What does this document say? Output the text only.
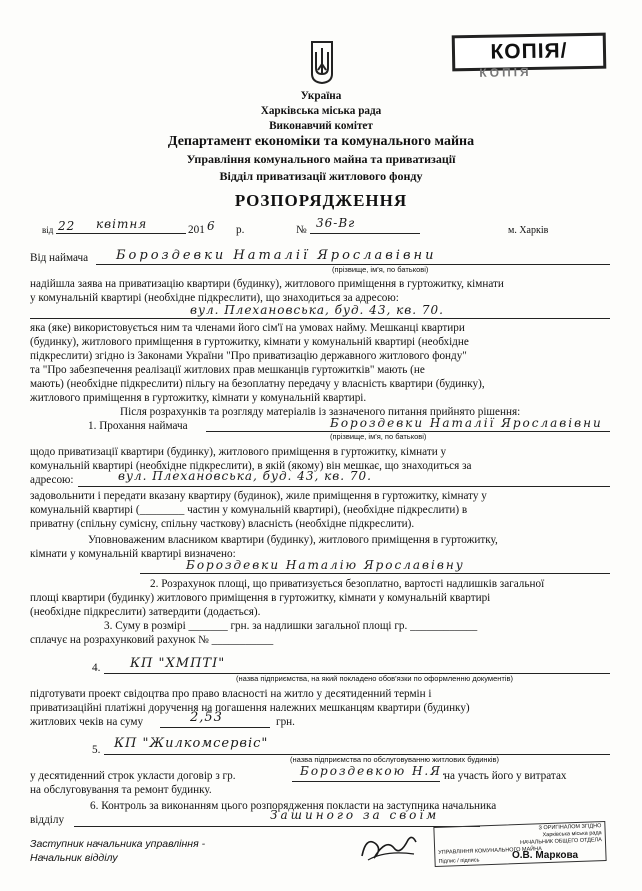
КОПІЯ/
КОПІЯ
Україна
Харківська міська рада
Виконавчий комітет
Департамент економіки та комунального майна
Управління комунального майна та приватизації
Відділ приватизації житлового фонду
РОЗПОРЯДЖЕННЯ
від 22 квітня	201 6 р.	№ 36-Вг
м. Харків
Від наймача Бороздевки Наталії Ярославівни
(прізвище, ім'я, по батькові)
надійшла заява на приватизацію квартири (будинку), житлового приміщення в гуртожитку, кімнати
у комунальній квартирі (необхідне підкреслити), що знаходиться за адресою:
вул. Плехановська, буд. 43, кв. 70.
яка (яке) використовується ним та членами його сім'ї на умовах найму. Мешканці квартири
(будинку), житлового приміщення в гуртожитку, кімнати у комунальній квартирі (необхідне
підкреслити) згідно із Законами України "Про приватизацію державного житлового фонду"
та "Про забезпечення реалізації житлових прав мешканців гуртожитків" мають (не
мають) (необхідне підкреслити) пільгу на безоплатну передачу у власність квартири (будинку),
житлового приміщення в гуртожитку, кімнати у комунальній квартирі.
Після розрахунків та розгляду матеріалів із зазначеного питання прийнято рішення:
1. Прохання наймача	Бороздевки Наталії Ярославівни
(прізвище, ім'я, по батькові)
щодо приватизації квартири (будинку), житлового приміщення в гуртожитку, кімнати у
комунальній квартирі (необхідне підкреслити), в якій (якому) він мешкає, що знаходиться за
адресою:	вул. Плехановська, буд. 43, кв. 70.
задовольнити і передати вказану квартиру (будинок), жиле приміщення в гуртожитку, кімнату у
комунальній квартирі (________ частин у комунальній квартирі), (необхідне підкреслити) в
приватну (спільну сумісну, спільну часткову) власність (необхідне підкреслити).
Уповноваженим власником квартири (будинку), житлового приміщення в гуртожитку,
кімнати у комунальній квартирі визначено:
Бороздевки Наталію Ярославівну
2. Розрахунок площі, що приватизується безоплатно, вартості надлишків загальної
площі квартири (будинку) житлового приміщення в гуртожитку, кімнати у комунальній квартирі
(необхідне підкреслити) затвердити (додається).
3. Суму в розмірі _______ грн. за надлишки загальної площі гр. ____________
сплачує на розрахунковий рахунок № ___________
4. КП "ХМПТІ"
(назва підприємства, на який покладено обов'язки по оформленню документів)
підготувати проект свідоцтва про право власності на житло у десятиденний термін і
приватизаційні платіжні доручення на погашення належних мешканцям квартири (будинку)
житлових чеків на суму	2,53	грн.
5. КП "Жилкомсервіс"
(назва підприємства по обслуговуванню житлових будинків)
у десятиденний строк укласти договір з гр.	Бороздевкою Н.Я.
на участь його у витратах
на обслуговування та ремонт будинку.
6. Контроль за виконанням цього розпорядження покласти на заступника начальника
відділу	Зашиного за своїм
Заступник начальника управління -
Начальник відділу
З ОРИГІНАЛОМ ЗГІДНО
Харківська міська рада
НАЧАЛЬНИК ОБЩЕГО ОТДЕЛА
УПРАВЛІННЯ КОМУНАЛЬНОГО МАЙНА
Підпис / підпись
О.В. Маркова
